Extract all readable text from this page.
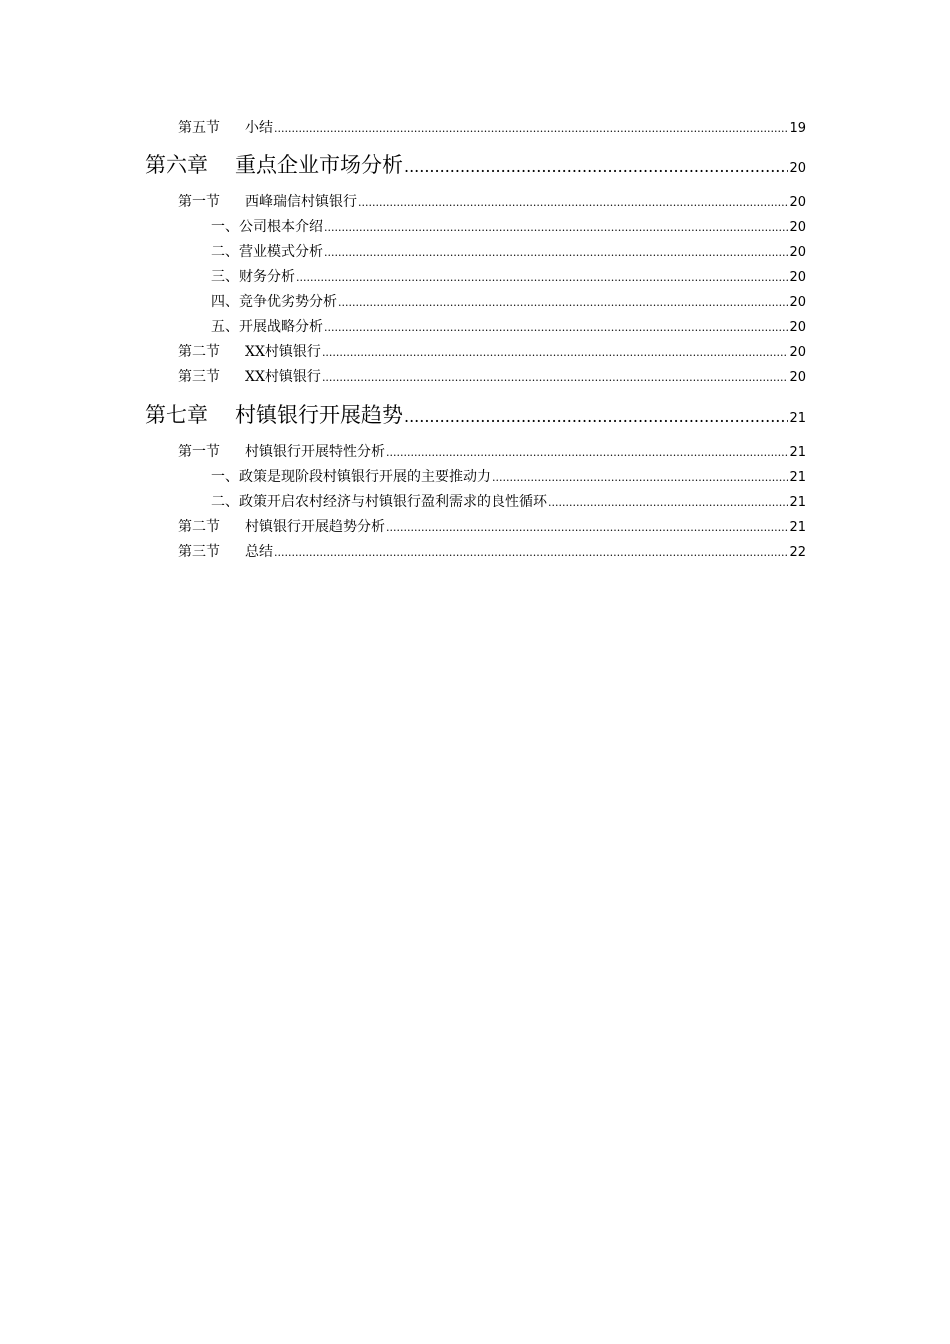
第五节 小结 .....	19
第六章 重点企业市场分析 .....	20
第一节 西峰瑞信村镇银行 .....	20
一、公司根本介绍 .....	20
二、营业模式分析 .....	20
三、财务分析 .....	20
四、竞争优劣势分析 .....	20
五、开展战略分析 .....	20
第二节 XX村镇银行 .....	20
第三节 XX村镇银行 .....	20
第七章 村镇银行开展趋势 .....	21
第一节 村镇银行开展特性分析 .....	21
一、政策是现阶段村镇银行开展的主要推动力 .....	21
二、政策开启农村经济与村镇银行盈利需求的良性循环 .....	21
第二节 村镇银行开展趋势分析 .....	21
第三节 总结 .....	22
